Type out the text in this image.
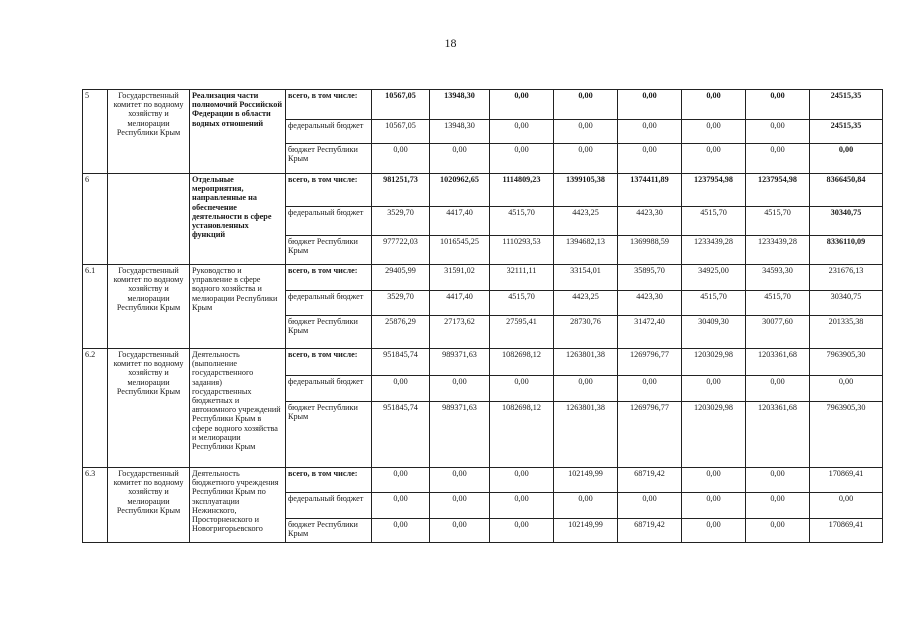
18
5	Государственный комитет по водному хозяйству и мелиорации Республики Крым	Реализация части полномочий Российской Федерации в области водных отношений	всего, в том числе:	10567,05	13948,30	0,00	0,00	0,00	0,00	0,00	24515,35
			федеральный бюджет	10567,05	13948,30	0,00	0,00	0,00	0,00	0,00	24515,35
			бюджет Республики Крым	0,00	0,00	0,00	0,00	0,00	0,00	0,00	0,00
6		Отдельные мероприятия, направленные на обеспечение деятельности в сфере установленных функций	всего, в том числе:	981251,73	1020962,65	1114809,23	1399105,38	1374411,89	1237954,98	1237954,98	8366450,84
			федеральный бюджет	3529,70	4417,40	4515,70	4423,25	4423,30	4515,70	4515,70	30340,75
			бюджет Республики Крым	977722,03	1016545,25	1110293,53	1394682,13	1369988,59	1233439,28	1233439,28	8336110,09
6.1	Государственный комитет по водному хозяйству и мелиорации Республики Крым	Руководство и управление в сфере водного хозяйства и мелиорации Республики Крым	всего, в том числе:	29405,99	31591,02	32111,11	33154,01	35895,70	34925,00	34593,30	231676,13
			федеральный бюджет	3529,70	4417,40	4515,70	4423,25	4423,30	4515,70	4515,70	30340,75
			бюджет Республики Крым	25876,29	27173,62	27595,41	28730,76	31472,40	30409,30	30077,60	201335,38
6.2	Государственный комитет по водному хозяйству и мелиорации Республики Крым	Деятельность (выполнение государственного задания) государственных бюджетных и автономного учреждений Республики Крым в сфере водного хозяйства и мелиорации Республики Крым	всего, в том числе:	951845,74	989371,63	1082698,12	1263801,38	1269796,77	1203029,98	1203361,68	7963905,30
			федеральный бюджет	0,00	0,00	0,00	0,00	0,00	0,00	0,00	0,00
			бюджет Республики Крым	951845,74	989371,63	1082698,12	1263801,38	1269796,77	1203029,98	1203361,68	7963905,30
6.3	Государственный комитет по водному хозяйству и мелиорации Республики Крым	Деятельность бюджетного учреждения Республики Крым по эксплуатации Нежинского, Просторненского и Новогригорьевского	всего, в том числе:	0,00	0,00	0,00	102149,99	68719,42	0,00	0,00	170869,41
			федеральный бюджет	0,00	0,00	0,00	0,00	0,00	0,00	0,00	0,00
			бюджет Республики Крым	0,00	0,00	0,00	102149,99	68719,42	0,00	0,00	170869,41
